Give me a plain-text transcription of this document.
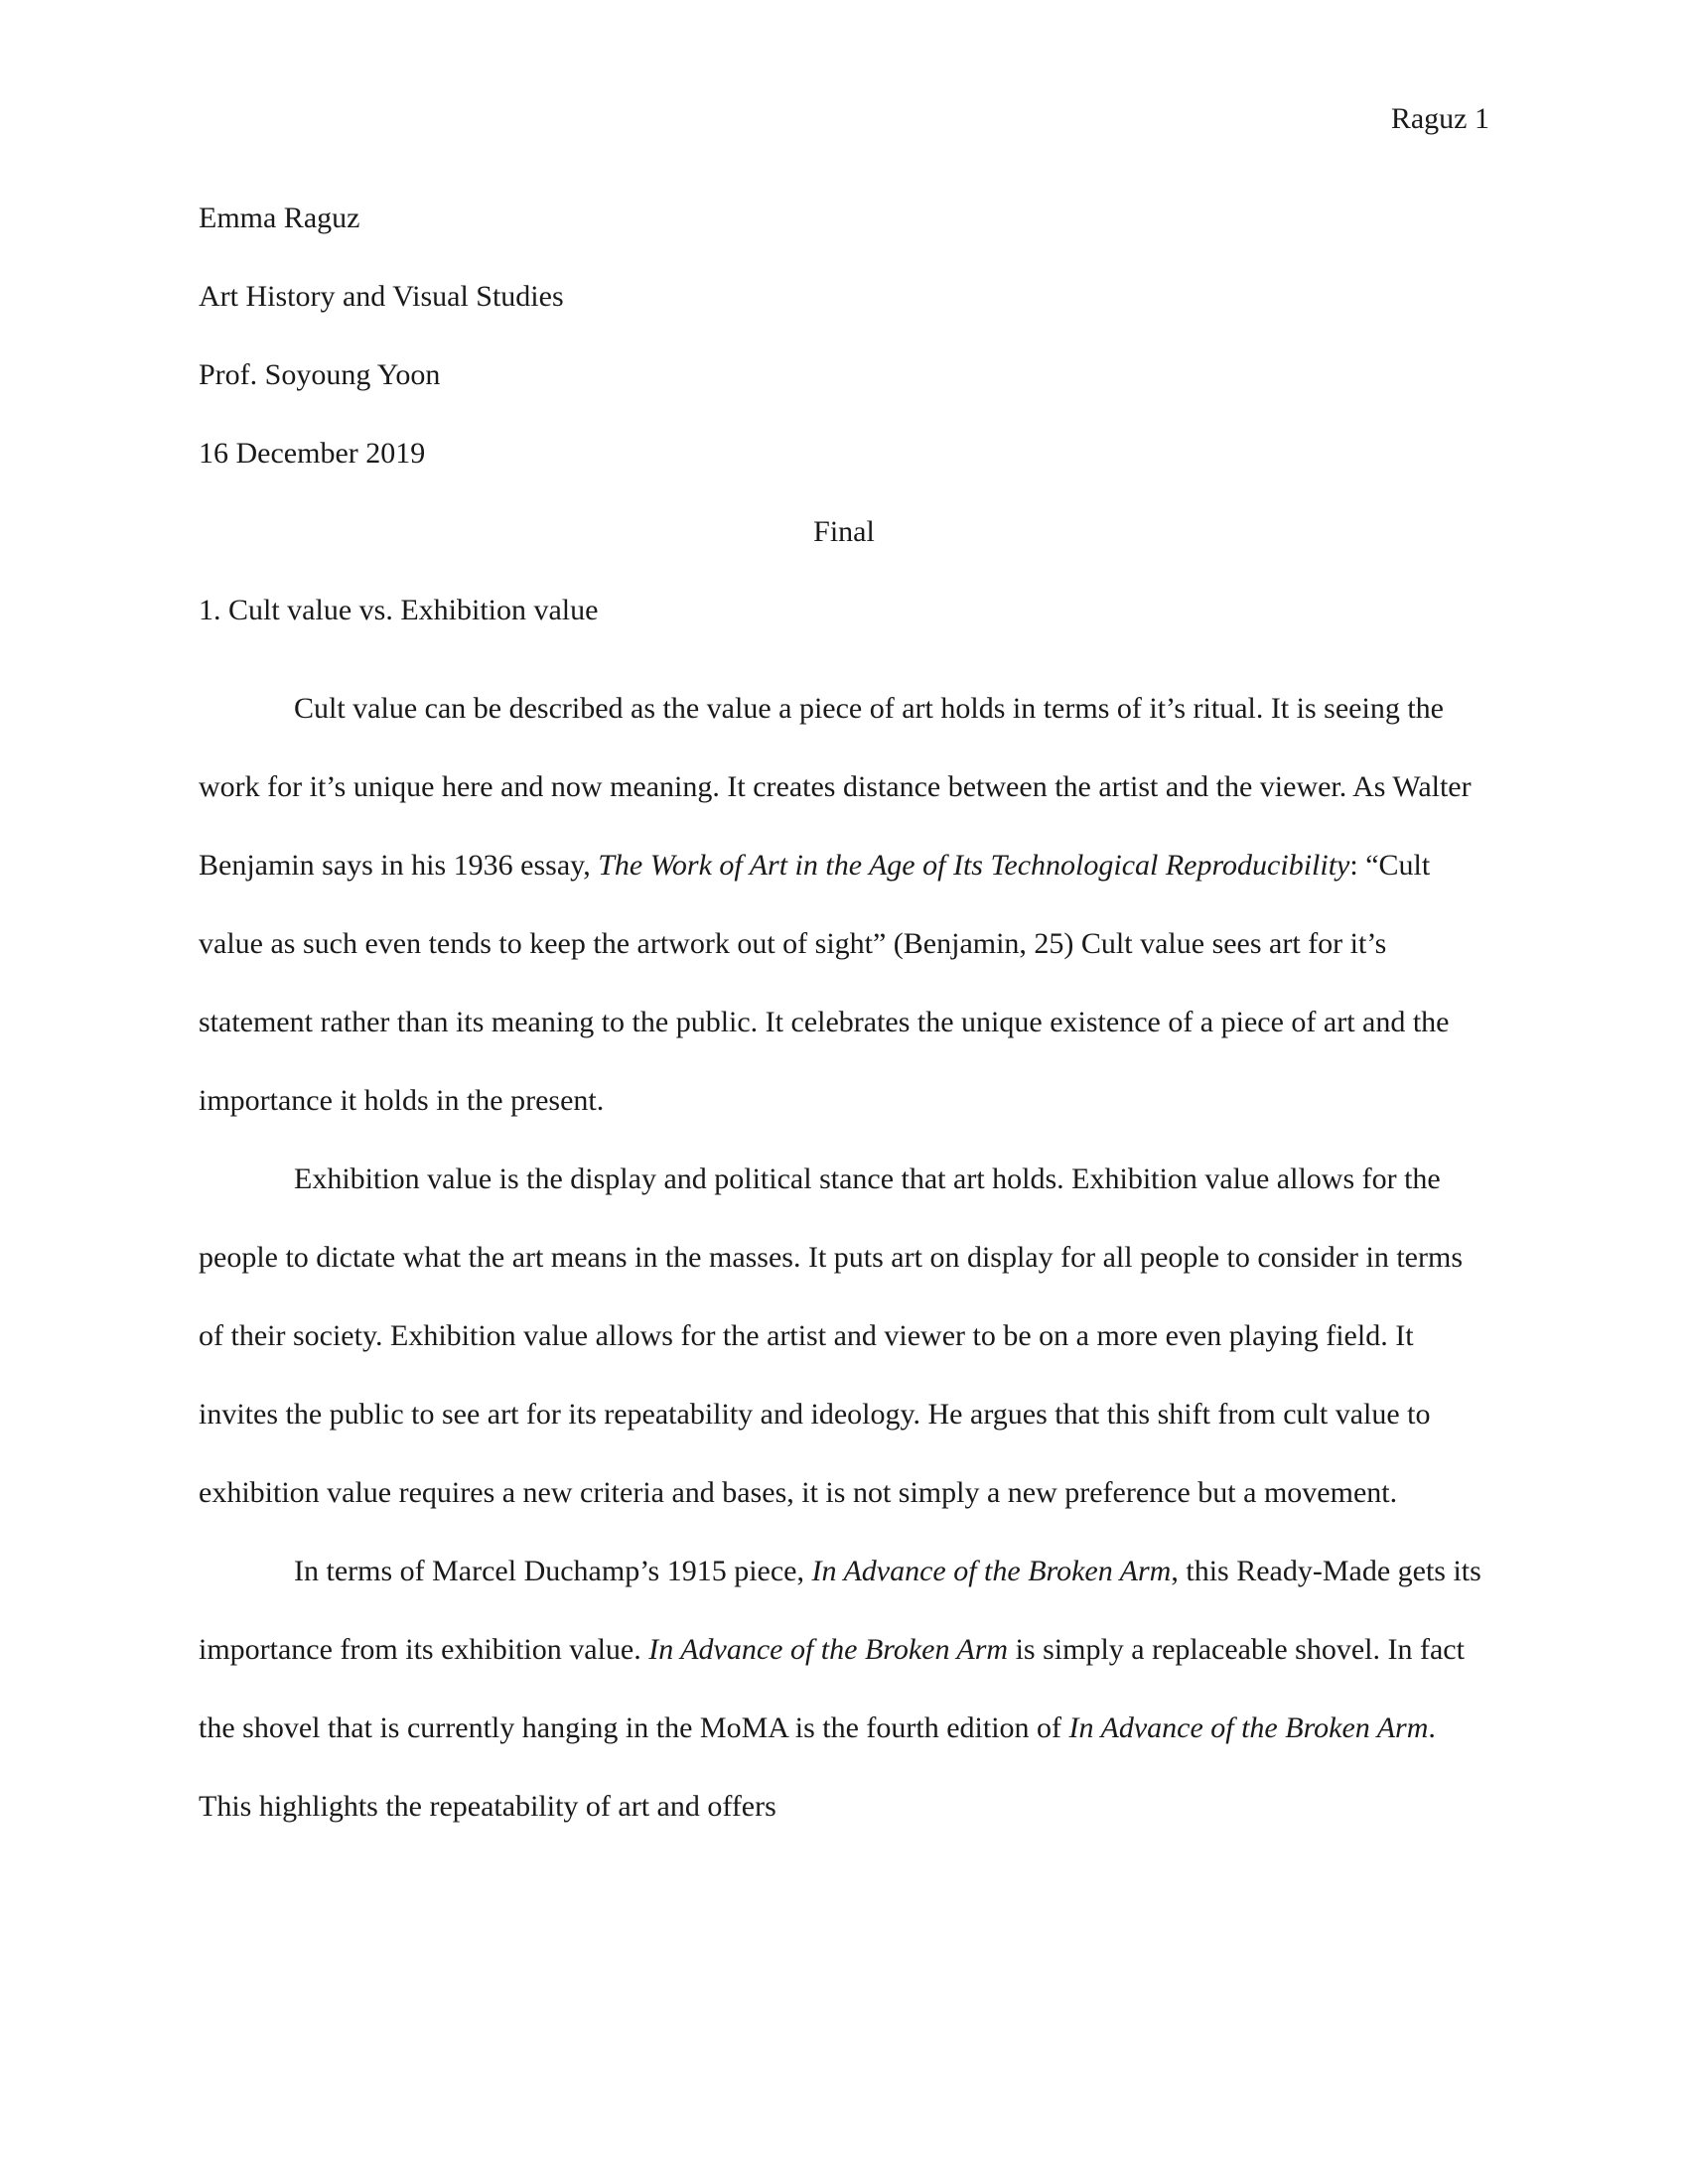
Raguz 1
Emma Raguz
Art History and Visual Studies
Prof. Soyoung Yoon
16 December 2019
Final
1. Cult value vs. Exhibition value

Cult value can be described as the value a piece of art holds in terms of it’s ritual. It is seeing the work for it’s unique here and now meaning. It creates distance between the artist and the viewer. As Walter Benjamin says in his 1936 essay, The Work of Art in the Age of Its Technological Reproducibility: “Cult value as such even tends to keep the artwork out of sight” (Benjamin, 25) Cult value sees art for it’s statement rather than its meaning to the public. It celebrates the unique existence of a piece of art and the importance it holds in the present.

Exhibition value is the display and political stance that art holds. Exhibition value allows for the people to dictate what the art means in the masses. It puts art on display for all people to consider in terms of their society. Exhibition value allows for the artist and viewer to be on a more even playing field. It invites the public to see art for its repeatability and ideology. He argues that this shift from cult value to exhibition value requires a new criteria and bases, it is not simply a new preference but a movement.

In terms of Marcel Duchamp’s 1915 piece, In Advance of the Broken Arm, this Ready-Made gets its importance from its exhibition value. In Advance of the Broken Arm is simply a replaceable shovel. In fact the shovel that is currently hanging in the MoMA is the fourth edition of In Advance of the Broken Arm. This highlights the repeatability of art and offers
